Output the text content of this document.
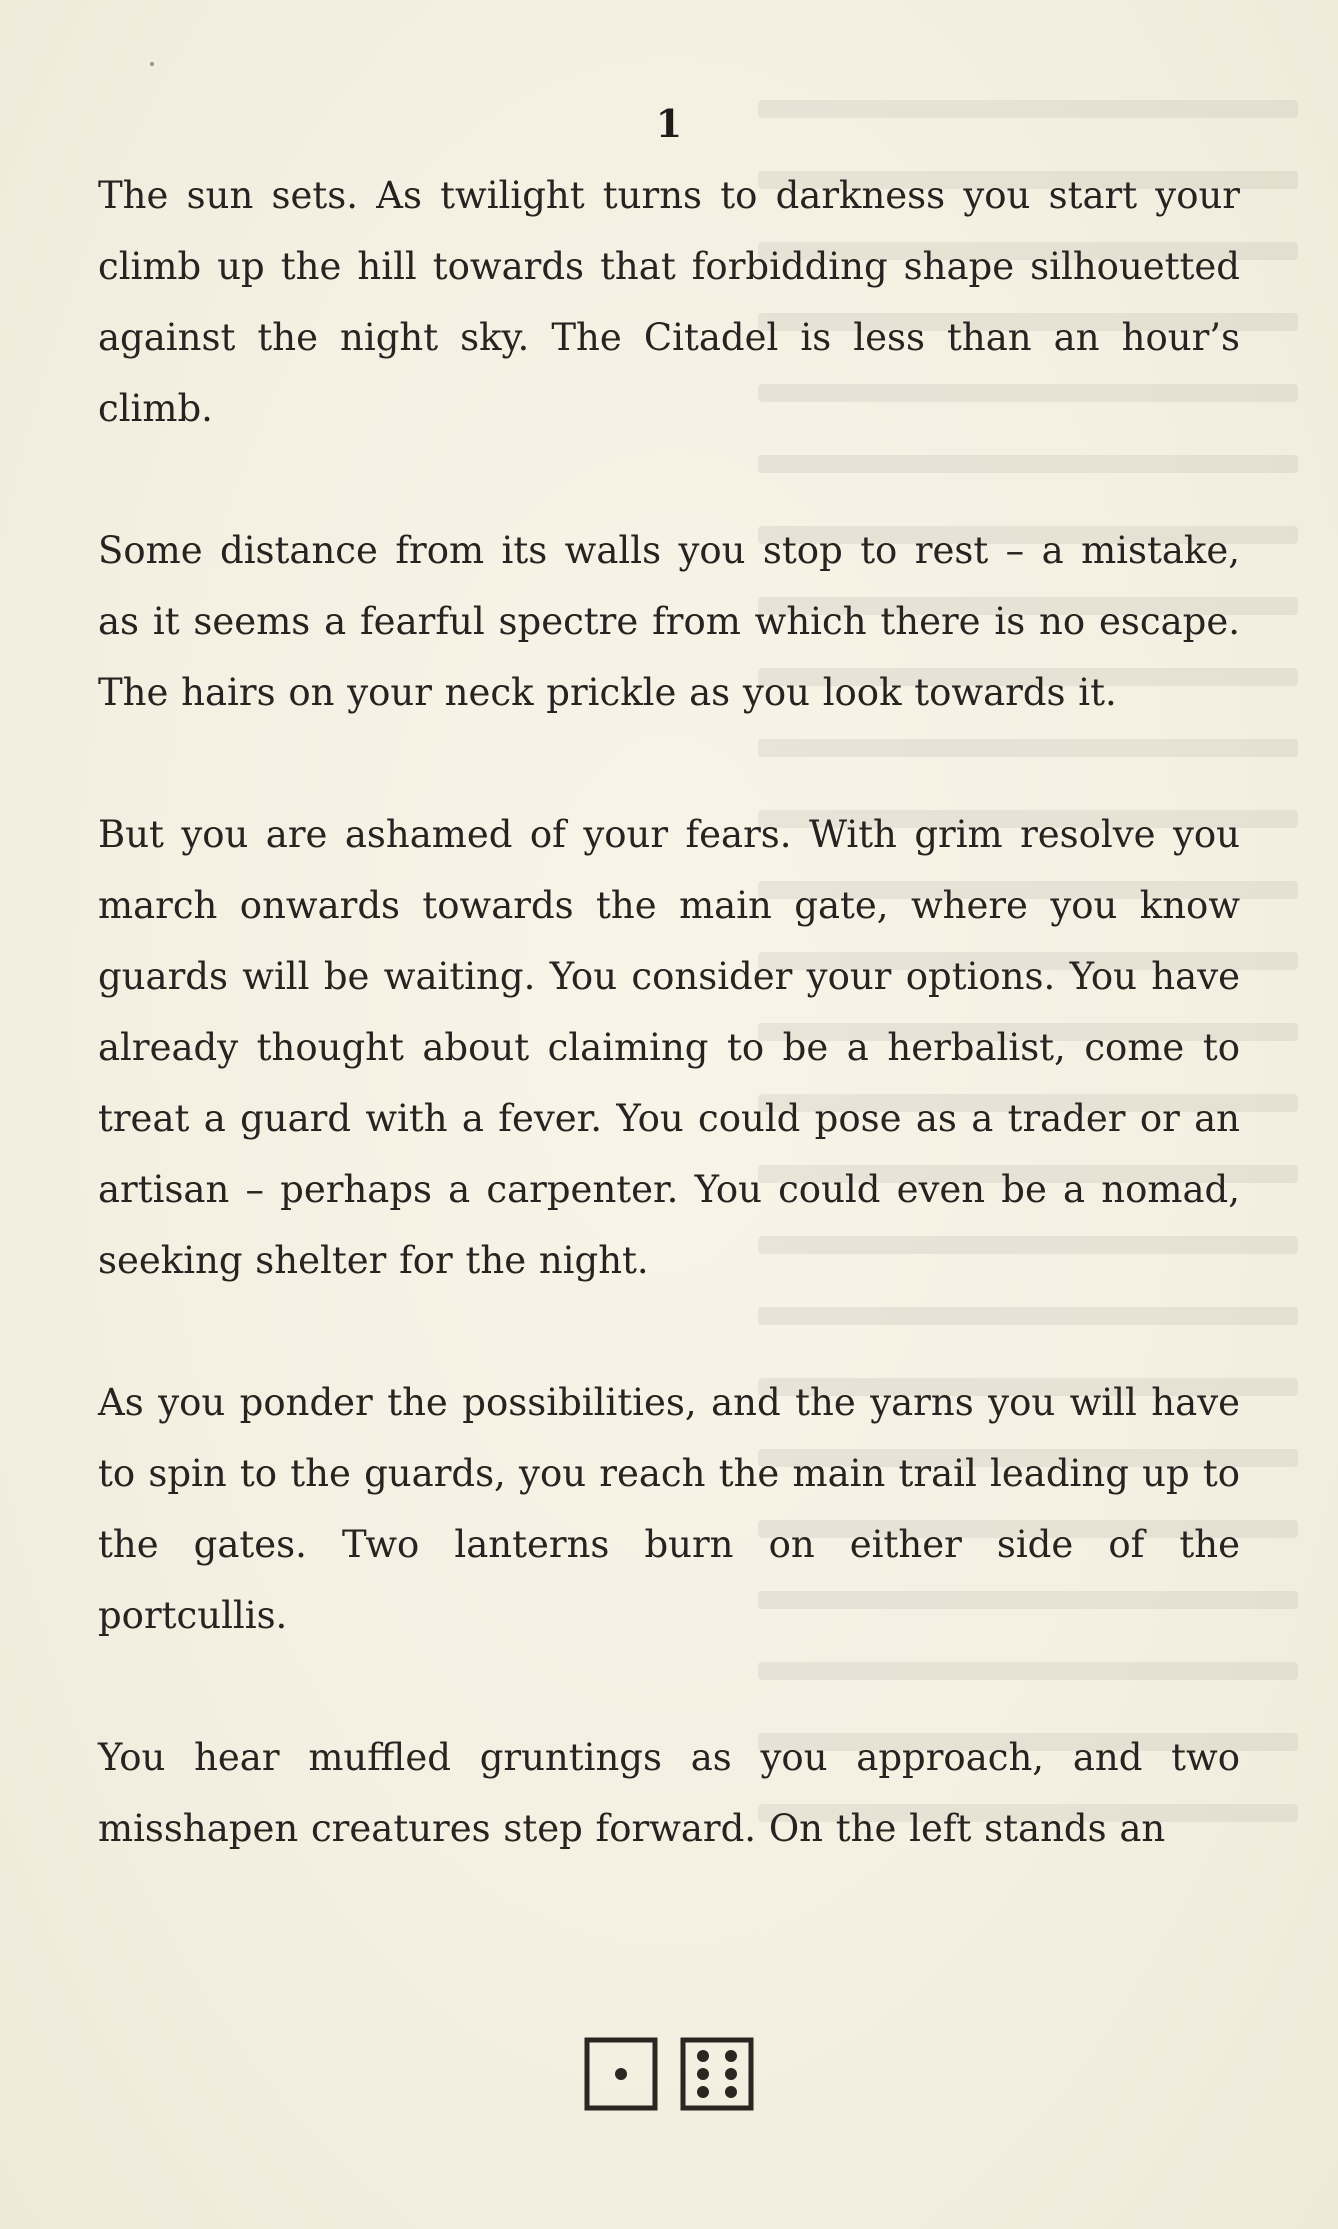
1

The sun sets. As twilight turns to darkness you start your climb up the hill towards that forbidding shape silhouetted against the night sky. The Citadel is less than an hour’s climb.

Some distance from its walls you stop to rest – a mistake, as it seems a fearful spectre from which there is no escape. The hairs on your neck prickle as you look towards it.

But you are ashamed of your fears. With grim resolve you march onwards towards the main gate, where you know guards will be waiting. You consider your options. You have already thought about claiming to be a herbalist, come to treat a guard with a fever. You could pose as a trader or an artisan – perhaps a carpenter. You could even be a nomad, seeking shelter for the night.

As you ponder the possibilities, and the yarns you will have to spin to the guards, you reach the main trail leading up to the gates. Two lanterns burn on either side of the portcullis.

You hear muffled gruntings as you approach, and two misshapen creatures step forward. On the left stands an
